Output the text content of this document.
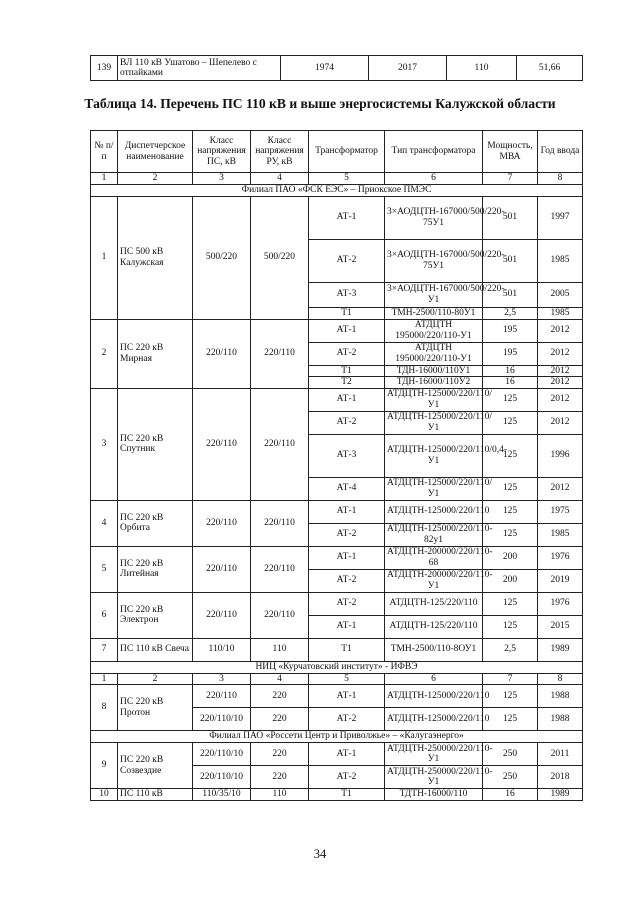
139	ВЛ 110 кВ Ушатово – Шепелево с отпайками	1974	2017	110	51,66
Таблица 14. Перечень ПС 110 кВ и выше энергосистемы Калужской области
№ п/п	Диспетчерское наименование	Класс напряжения ПС, кВ	Класс напряжения РУ, кВ	Трансформатор	Тип трансформатора	Мощность, МВА	Год ввода
1	2	3	4	5	6	7	8
Филиал ПАО «ФСК ЕЭС» – Приокское ПМЭС							
1	ПС 500 кВ Калужская	500/220	500/220	АТ-1	3×АОДЦТН-167000/500/220-75У1	501	1997
				АТ-2	3×АОДЦТН-167000/500/220-75У1	501	1985
				АТ-3	3×АОДЦТН-167000/500/220-У1	501	2005
				Т1	ТМН-2500/110-80У1	2,5	1985
2	ПС 220 кВ Мирная	220/110	220/110	АТ-1	АТДЦТН 195000/220/110-У1	195	2012
				АТ-2	АТДЦТН 195000/220/110-У1	195	2012
				Т1	ТДН-16000/110У1	16	2012
				Т2	ТДН-16000/110У2	16	2012
3	ПС 220 кВ Спутник	220/110	220/110	АТ-1	АТДЦТН-125000/220/110/У1	125	2012
				АТ-2	АТДЦТН-125000/220/110/У1	125	2012
				АТ-3	АТДЦТН-125000/220/110/0,4-У1	125	1996
				АТ-4	АТДЦТН-125000/220/110/У1	125	2012
4	ПС 220 кВ Орбита	220/110	220/110	АТ-1	АТДЦТН-125000/220/110	125	1975
				АТ-2	АТДЦТН-125000/220/110-82у1	125	1985
5	ПС 220 кВ Литейная	220/110	220/110	АТ-1	АТДЦТН-200000/220/110-68	200	1976
				АТ-2	АТДЦТН-200000/220/110-У1	200	2019
6	ПС 220 кВ Электрон	220/110	220/110	АТ-2	АТДЦТН-125/220/110	125	1976
				АТ-1	АТДЦТН-125/220/110	125	2015
7	ПС 110 кВ Свеча	110/10	110	Т1	ТМН-2500/110-8ОУ1	2,5	1989
НИЦ «Курчатовский институт» - ИФВЭ							
1	2	3	4	5	6	7	8
8	ПС 220 кВ Протон	220/110	220	АТ-1	АТДЦТН-125000/220/110	125	1988
		220/110/10	220	АТ-2	АТДЦТН-125000/220/110	125	1988
Филиал ПАО «Россети Центр и Приволжье» – «Калугаэнерго»							
9	ПС 220 кВ Созвездие	220/110/10	220	АТ-1	АТДЦТН-250000/220/110-У1	250	2011
		220/110/10	220	АТ-2	АТДЦТН-250000/220/110-У1	250	2018
10	ПС 110 кВ	110/35/10	110	Т1	ТДТН-16000/110	16	1989
34
